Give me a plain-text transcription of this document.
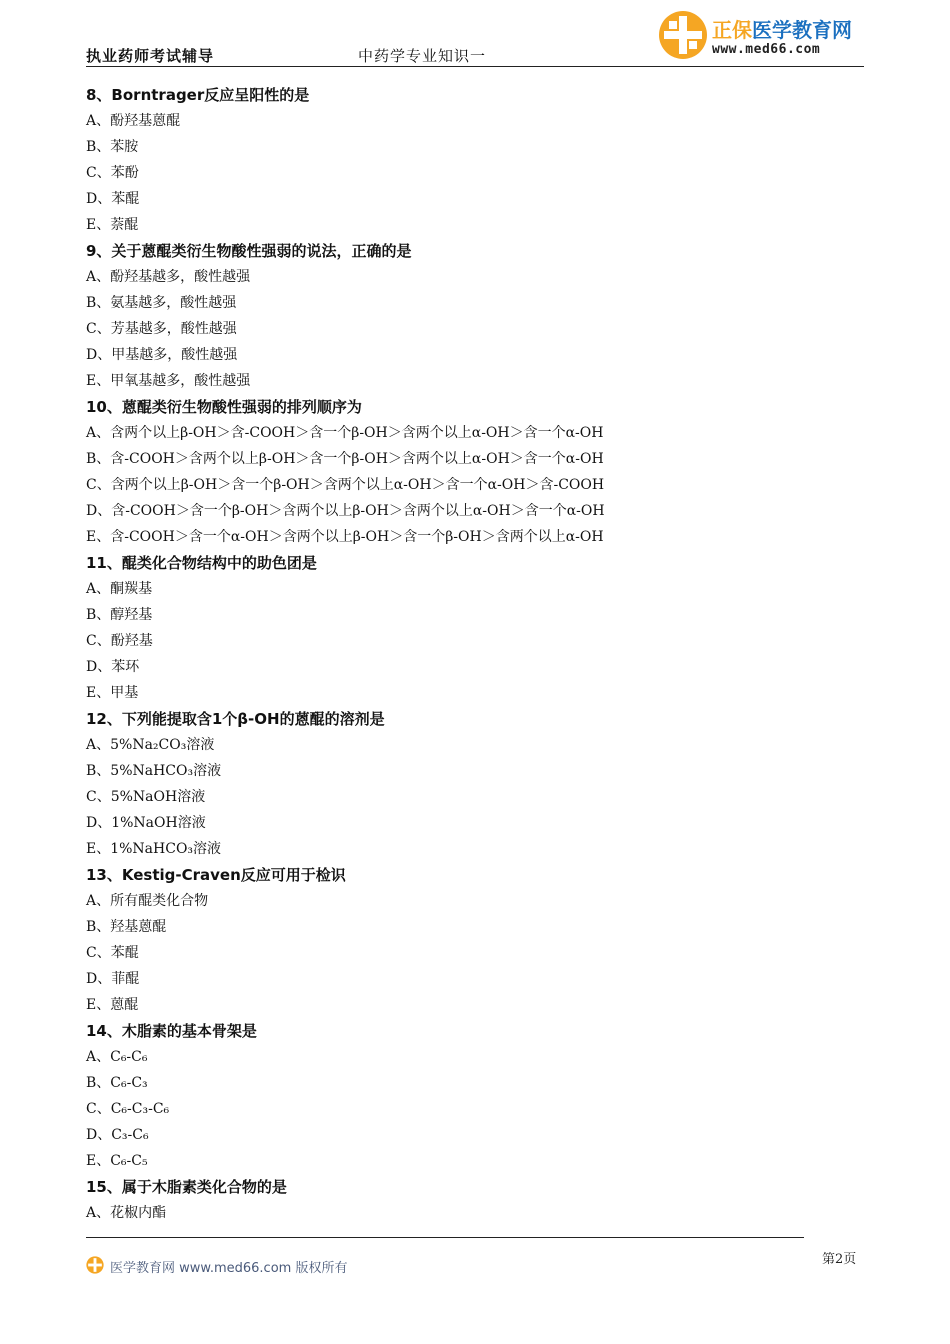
执业药师考试辅导	中药学专业知识一
正保医学教育网
www.med66.com
8、Borntrager反应呈阳性的是
A、酚羟基蒽醌
B、苯胺
C、苯酚
D、苯醌
E、萘醌
9、关于蒽醌类衍生物酸性强弱的说法，正确的是
A、酚羟基越多，酸性越强
B、氨基越多，酸性越强
C、芳基越多，酸性越强
D、甲基越多，酸性越强
E、甲氧基越多，酸性越强
10、蒽醌类衍生物酸性强弱的排列顺序为
A、含两个以上β-OH＞含-COOH＞含一个β-OH＞含两个以上α-OH＞含一个α-OH
B、含-COOH＞含两个以上β-OH＞含一个β-OH＞含两个以上α-OH＞含一个α-OH
C、含两个以上β-OH＞含一个β-OH＞含两个以上α-OH＞含一个α-OH＞含-COOH
D、含-COOH＞含一个β-OH＞含两个以上β-OH＞含两个以上α-OH＞含一个α-OH
E、含-COOH＞含一个α-OH＞含两个以上β-OH＞含一个β-OH＞含两个以上α-OH
11、醌类化合物结构中的助色团是
A、酮羰基
B、醇羟基
C、酚羟基
D、苯环
E、甲基
12、下列能提取含1个β-OH的蒽醌的溶剂是
A、5%Na₂CO₃溶液
B、5%NaHCO₃溶液
C、5%NaOH溶液
D、1%NaOH溶液
E、1%NaHCO₃溶液
13、Kestig-Craven反应可用于检识
A、所有醌类化合物
B、羟基蒽醌
C、苯醌
D、菲醌
E、蒽醌
14、木脂素的基本骨架是
A、C₆-C₆
B、C₆-C₃
C、C₆-C₃-C₆
D、C₃-C₆
E、C₆-C₅
15、属于木脂素类化合物的是
A、花椒内酯
医学教育网 www.med66.com 版权所有
第2页
